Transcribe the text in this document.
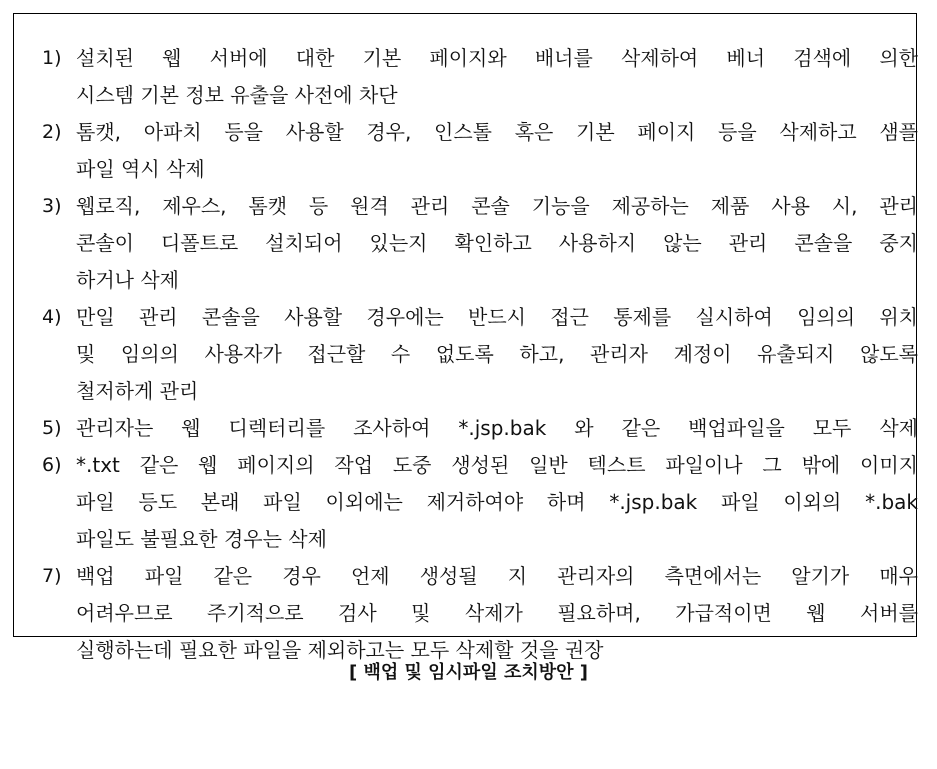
1) 설치된 웹 서버에 대한 기본 페이지와 배너를 삭제하여 베너 검색에 의한
시스템 기본 정보 유출을 사전에 차단
2) 톰캣, 아파치 등을 사용할 경우, 인스톨 혹은 기본 페이지 등을 삭제하고 샘플
파일 역시 삭제
3) 웹로직, 제우스, 톰캣 등 원격 관리 콘솔 기능을 제공하는 제품 사용 시, 관리
콘솔이 디폴트로 설치되어 있는지 확인하고 사용하지 않는 관리 콘솔을 중지
하거나 삭제
4) 만일 관리 콘솔을 사용할 경우에는 반드시 접근 통제를 실시하여 임의의 위치
및 임의의 사용자가 접근할 수 없도록 하고, 관리자 계정이 유출되지 않도록
철저하게 관리
5) 관리자는 웹 디렉터리를 조사하여 *.jsp.bak 와 같은 백업파일을 모두 삭제
6) *.txt 같은 웹 페이지의 작업 도중 생성된 일반 텍스트 파일이나 그 밖에 이미지
파일 등도 본래 파일 이외에는 제거하여야 하며 *.jsp.bak 파일 이외의 *.bak
파일도 불필요한 경우는 삭제
7) 백업 파일 같은 경우 언제 생성될 지 관리자의 측면에서는 알기가 매우
어려우므로 주기적으로 검사 및 삭제가 필요하며, 가급적이면 웹 서버를
실행하는데 필요한 파일을 제외하고는 모두 삭제할 것을 권장
[ 백업 및 임시파일 조치방안 ]
